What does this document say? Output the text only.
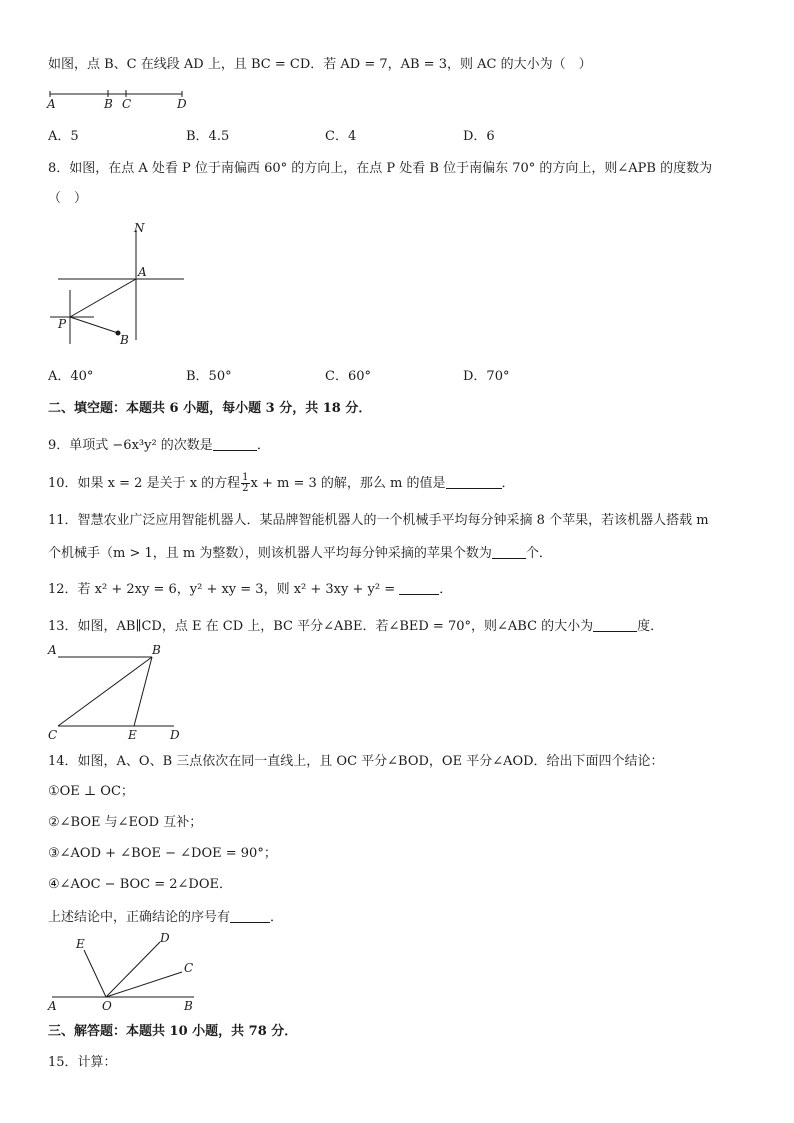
如图，点 B、C 在线段 AD 上，且 BC = CD．若 AD = 7，AB = 3，则 AC 的大小为（　）
A	B C	D
A．5	B．4.5	C．4	D．6
8．如图，在点 A 处看 P 位于南偏西 60° 的方向上，在点 P 处看 B 位于南偏东 70° 的方向上，则∠APB 的度数为
（　）
N
A
P
B
A．40°	B．50°	C．60°	D．70°
二、填空题：本题共 6 小题，每小题 3 分，共 18 分．
9．单项式 −6x³y² 的次数是	．
10．如果 x = 2 是关于 x 的方程 $\frac{1}{2}$ x + m = 3 的解，那么 m 的值是	．
11．智慧农业广泛应用智能机器人．某品牌智能机器人的一个机械手平均每分钟采摘 8 个苹果，若该机器人搭载 m
个机械手（m > 1，且 m 为整数），则该机器人平均每分钟采摘的苹果个数为	个．
12．若 x² + 2xy = 6，y² + xy = 3，则 x² + 3xy + y² =	．
13．如图，AB∥CD，点 E 在 CD 上，BC 平分∠ABE．若∠BED = 70°，则∠ABC 的大小为	度．
A	B
C	E	D
14．如图，A、O、B 三点依次在同一直线上，且 OC 平分∠BOD，OE 平分∠AOD．给出下面四个结论：
①OE ⊥ OC；
②∠BOE 与∠EOD 互补；
③∠AOD + ∠BOE − ∠DOE = 90°；
④∠AOC − BOC = 2∠DOE．
上述结论中，正确结论的序号有	．
E	D
C
A	O	B
三、解答题：本题共 10 小题，共 78 分．
15．计算：
